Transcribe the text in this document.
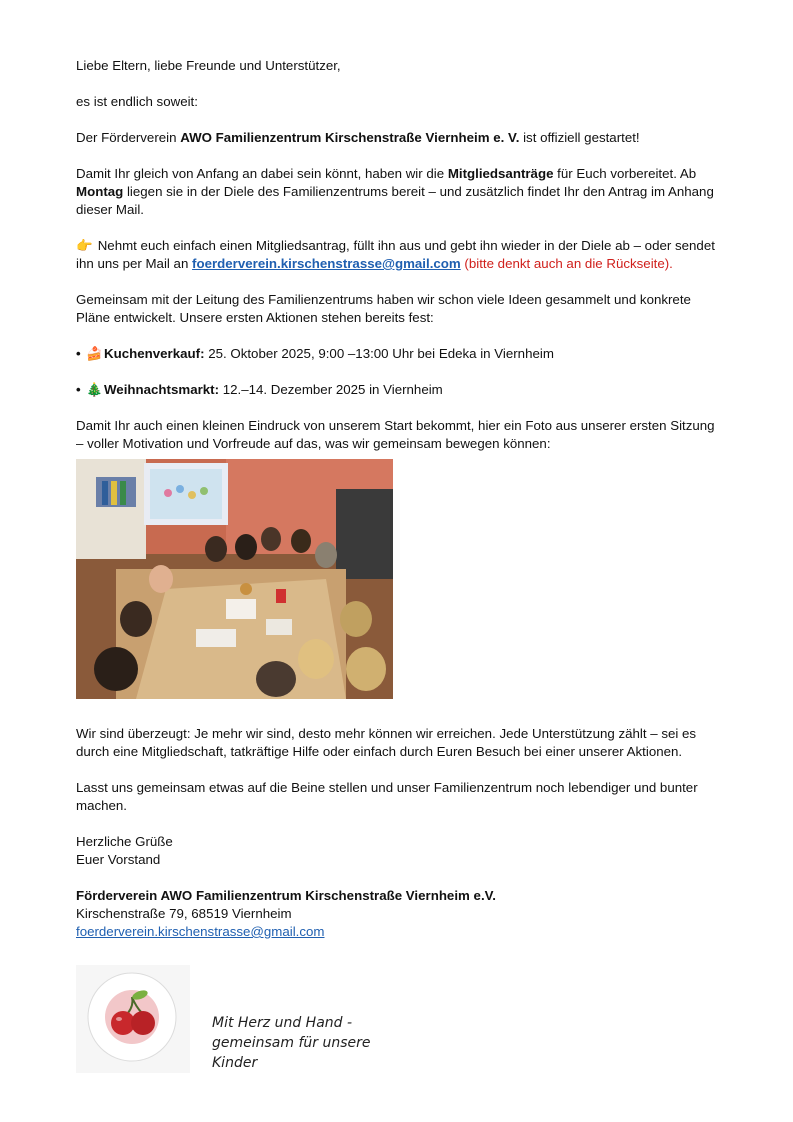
Liebe Eltern, liebe Freunde und Unterstützer,

es ist endlich soweit:

Der Förderverein AWO Familienzentrum Kirschenstraße Viernheim e. V. ist offiziell gestartet!

Damit Ihr gleich von Anfang an dabei sein könnt, haben wir die Mitgliedsanträge für Euch vorbereitet. Ab Montag liegen sie in der Diele des Familienzentrums bereit – und zusätzlich findet Ihr den Antrag im Anhang dieser Mail.

👉 Nehmt euch einfach einen Mitgliedsantrag, füllt ihn aus und gebt ihn wieder in der Diele ab – oder sendet ihn uns per Mail an foerderverein.kirschenstrasse@gmail.com (bitte denkt auch an die Rückseite).

Gemeinsam mit der Leitung des Familienzentrums haben wir schon viele Ideen gesammelt und konkrete Pläne entwickelt. Unsere ersten Aktionen stehen bereits fest:

• 🍰 Kuchenverkauf: 25. Oktober 2025, 9:00 –13:00 Uhr bei Edeka in Viernheim
• 🎄 Weihnachtsmarkt: 12.–14. Dezember 2025 in Viernheim

Damit Ihr auch einen kleinen Eindruck von unserem Start bekommt, hier ein Foto aus unserer ersten Sitzung – voller Motivation und Vorfreude auf das, was wir gemeinsam bewegen können:

Wir sind überzeugt: Je mehr wir sind, desto mehr können wir erreichen. Jede Unterstützung zählt – sei es durch eine Mitgliedschaft, tatkräftige Hilfe oder einfach durch Euren Besuch bei einer unserer Aktionen.

Lasst uns gemeinsam etwas auf die Beine stellen und unser Familienzentrum noch lebendiger und bunter machen.

Herzliche Grüße
Euer Vorstand

Förderverein AWO Familienzentrum Kirschenstraße Viernheim e.V.

Kirschenstraße 79, 68519 Viernheim

foerderverein.kirschenstrasse@gmail.com

Mit Herz und Hand -
gemeinsam für unsere Kinder
